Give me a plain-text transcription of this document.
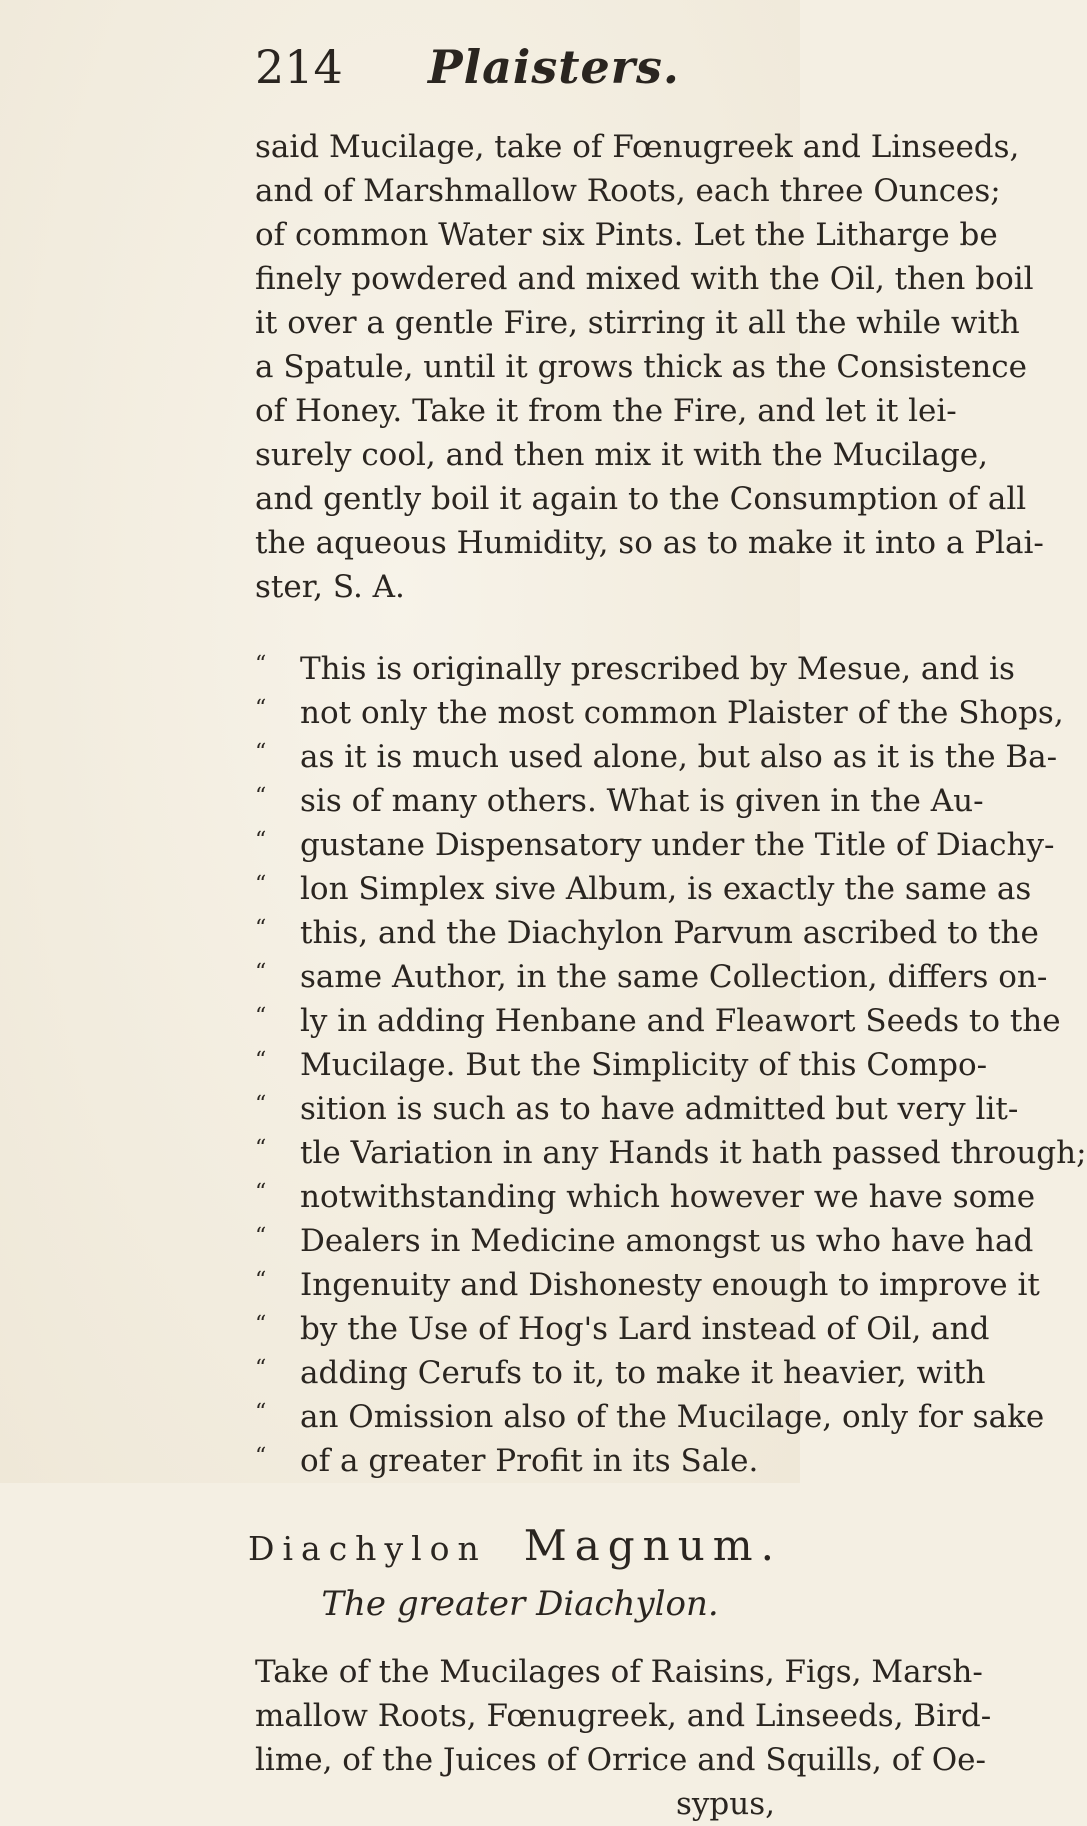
214 Plaisters.
said Mucilage, take of Fœnugreek and Linseeds,
and of Marshmallow Roots, each three Ounces;
of common Water six Pints. Let the Litharge be
finely powdered and mixed with the Oil, then boil
it over a gentle Fire, stirring it all the while with
a Spatule, until it grows thick as the Consistence
of Honey. Take it from the Fire, and let it lei-
surely cool, and then mix it with the Mucilage,
and gently boil it again to the Consumption of all
the aqueous Humidity, so as to make it into a Plai-
ster, S. A.
“ This is originally prescribed by Mesue, and is
“ not only the most common Plaister of the Shops,
“ as it is much used alone, but also as it is the Ba-
“ sis of many others. What is given in the Au-
“ gustane Dispensatory under the Title of Diachy-
“ lon Simplex sive Album, is exactly the same as
“ this, and the Diachylon Parvum ascribed to the
“ same Author, in the same Collection, differs on-
“ ly in adding Henbane and Fleawort Seeds to the
“ Mucilage. But the Simplicity of this Compo-
“ sition is such as to have admitted but very lit-
“ tle Variation in any Hands it hath passed through;
“ notwithstanding which however we have some
“ Dealers in Medicine amongst us who have had
“ Ingenuity and Dishonesty enough to improve it
“ by the Use of Hog's Lard instead of Oil, and
“ adding Cerufs to it, to make it heavier, with
“ an Omission also of the Mucilage, only for sake
“ of a greater Profit in its Sale.
Diachylon Magnum.
The greater Diachylon.
Take of the Mucilages of Raisins, Figs, Marsh-
mallow Roots, Fœnugreek, and Linseeds, Bird-
lime, of the Juices of Orrice and Squills, of Oe-
sypus,
